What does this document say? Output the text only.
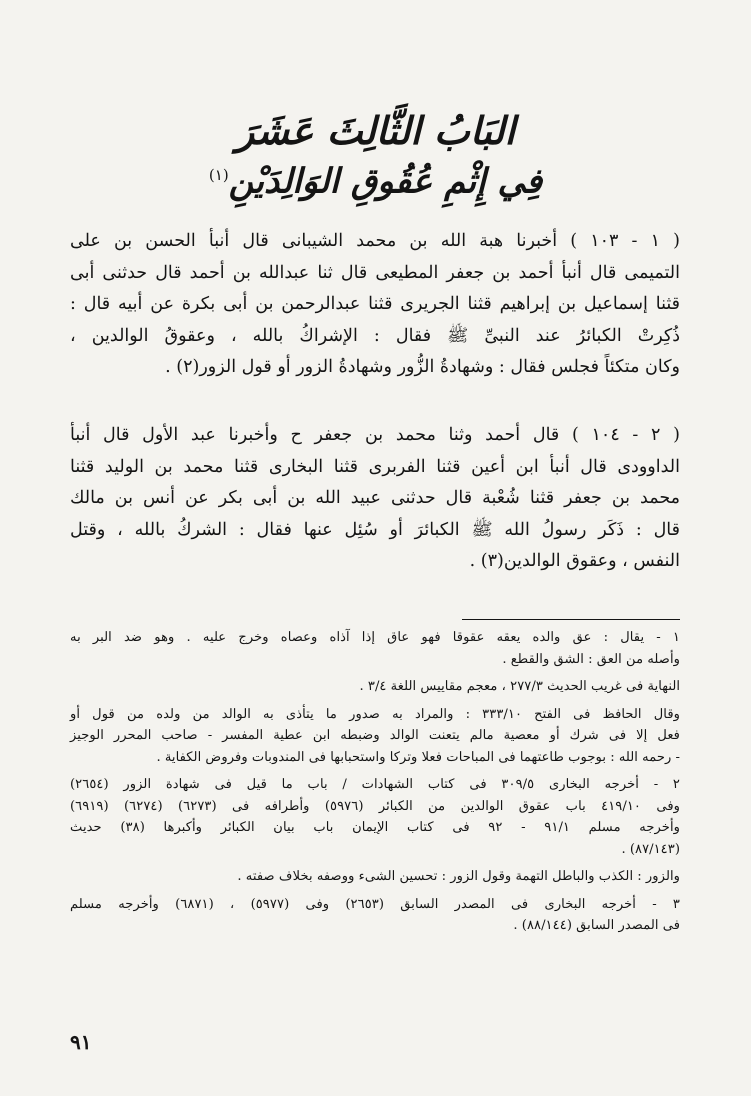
البَابُ الثَّالِثَ عَشَرَ
فِي إِثْمِ عُقُوقِ الوَالِدَيْنِ$^{(١)}$
( ١ - ١٠٣ ) أخبرنا هبة الله بن محمد الشيبانى قال أنبأ الحسن بن على
التميمى قال أنبأ أحمد بن جعفر المطيعى قال ثنا عبدالله بن أحمد قال حدثنى أبى
قثنا إسماعيل بن إبراهيم قثنا الجريرى قثنا عبدالرحمن بن أبى بكرة عن أبيه قال :
ذُكِرتْ الكبائرُ عند النبىِّ ﷺ فقال : الإشراكُ بالله ، وعقوقُ الوالدين ،
وكان متكئاً فجلس فقال : وشهادةُ الزُّور وشهادةُ الزور أو قول الزور(٢) .
( ٢ - ١٠٤ ) قال أحمد وثنا محمد بن جعفر ح وأخبرنا عبد الأول قال أنبأ
الداوودى قال أنبأ ابن أعين قثنا الفربرى قثنا البخارى قثنا محمد بن الوليد قثنا
محمد بن جعفر قثنا شُعْبة قال حدثنى عبيد الله بن أبى بكر عن أنس بن مالك
قال : ذَكَر رسولُ الله ﷺ الكبائرَ أو سُئِل عنها فقال : الشركُ بالله ، وقتل
النفس ، وعقوق الوالدين(٣) .
١ - يقال : عق والده يعقه عقوقا فهو عاق إذا آذاه وعصاه وخرج عليه . وهو ضد البر به
وأصله من العق : الشق والقطع .
النهاية فى غريب الحديث ٢٧٧/٣ ، معجم مقاييس اللغة ٣/٤ .
وقال الحافظ فى الفتح ٣٣٣/١٠ : والمراد به صدور ما يتأذى به الوالد من ولده من قول أو
فعل إلا فى شرك أو معصية مالم يتعنت الوالد وضبطه ابن عطية المفسر - صاحب المحرر الوجيز
- رحمه الله : بوجوب طاعتهما فى المباحات فعلا وتركا واستحبابها فى المندوبات وفروض الكفاية .
٢ - أخرجه البخارى ٣٠٩/٥ فى كتاب الشهادات / باب ما قيل فى شهادة الزور (٢٦٥٤)
وفى ٤١٩/١٠ باب عقوق الوالدين من الكبائر (٥٩٧٦) وأطرافه فى (٦٢٧٣) (٦٢٧٤) (٦٩١٩)
وأخرجه مسلم ٩١/١ - ٩٢ فى كتاب الإيمان باب بيان الكبائر وأكبرها (٣٨) حديث
(٨٧/١٤٣) .
والزور : الكذب والباطل التهمة وقول الزور : تحسين الشىء ووصفه بخلاف صفته .
٣ - أخرجه البخارى فى المصدر السابق (٢٦٥٣) وفى (٥٩٧٧) ، (٦٨٧١) وأخرجه مسلم
فى المصدر السابق (٨٨/١٤٤) .
٩١
